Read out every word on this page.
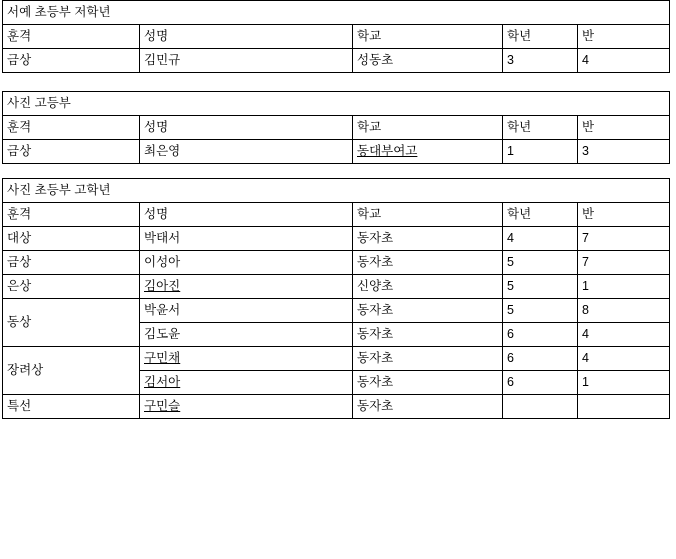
서예 초등부 저학년				
훈격	성명	학교	학년	반
금상	김민규	성동초	3	4
사진 고등부				
훈격	성명	학교	학년	반
금상	최은영	동대부여고	1	3
사진 초등부 고학년				
훈격	성명	학교	학년	반
대상	박태서	동자초	4	7
금상	이성아	동자초	5	7
은상	김아진	신양초	5	1
동상	박윤서	동자초	5	8
	김도윤	동자초	6	4
장려상	구민채	동자초	6	4
	김서아	동자초	6	1
특선	구민슬	동자초		
